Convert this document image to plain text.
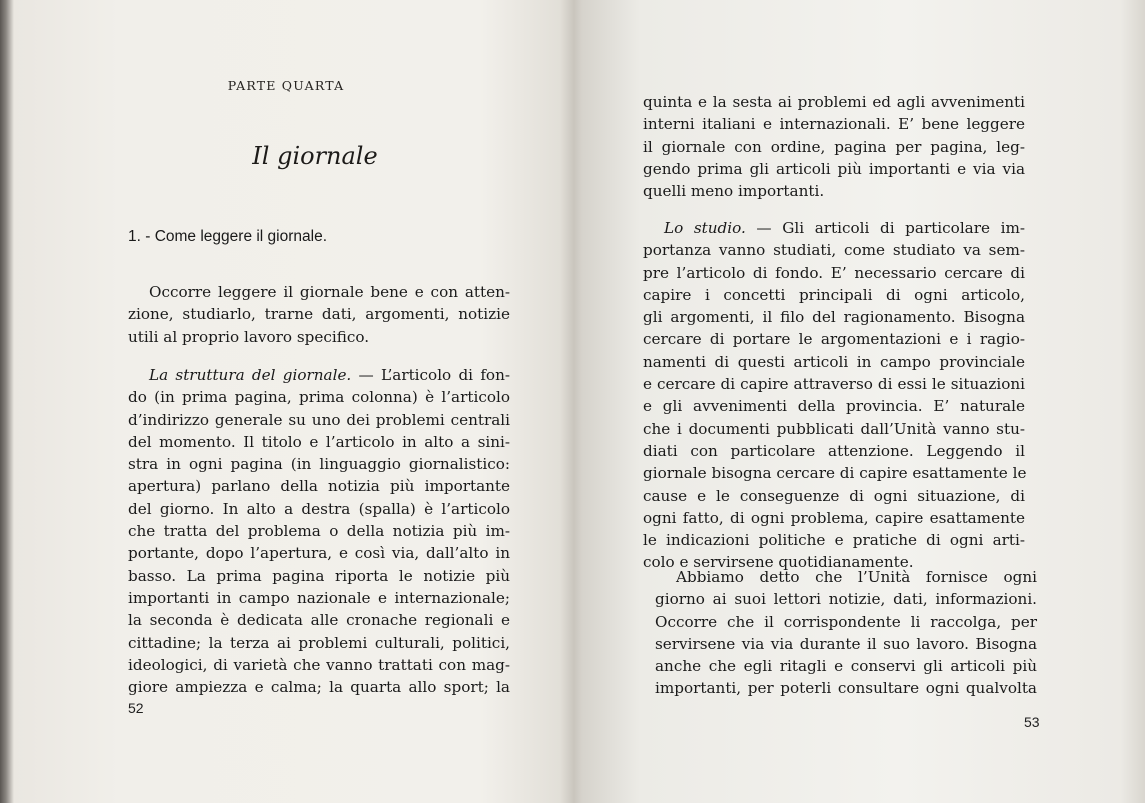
PARTE QUARTA
Il giornale
1. - Come leggere il giornale.
Occorre leggere il giornale bene e con atten-
zione, studiarlo, trarne dati, argomenti, notizie
utili al proprio lavoro specifico.
La struttura del giornale. — L’articolo di fon-
do (in prima pagina, prima colonna) è l’articolo
d’indirizzo generale su uno dei problemi centrali
del momento. Il titolo e l’articolo in alto a sini-
stra in ogni pagina (in linguaggio giornalistico:
apertura) parlano della notizia più importante
del giorno. In alto a destra (spalla) è l’articolo
che tratta del problema o della notizia più im-
portante, dopo l’apertura, e così via, dall’alto in
basso. La prima pagina riporta le notizie più
importanti in campo nazionale e internazionale;
la seconda è dedicata alle cronache regionali e
cittadine; la terza ai problemi culturali, politici,
ideologici, di varietà che vanno trattati con mag-
giore ampiezza e calma; la quarta allo sport; la
52
quinta e la sesta ai problemi ed agli avvenimenti
interni italiani e internazionali. E’ bene leggere
il giornale con ordine, pagina per pagina, leg-
gendo prima gli articoli più importanti e via via
quelli meno importanti.
Lo studio. — Gli articoli di particolare im-
portanza vanno studiati, come studiato va sem-
pre l’articolo di fondo. E’ necessario cercare di
capire i concetti principali di ogni articolo,
gli argomenti, il filo del ragionamento. Bisogna
cercare di portare le argomentazioni e i ragio-
namenti di questi articoli in campo provinciale
e cercare di capire attraverso di essi le situazioni
e gli avvenimenti della provincia. E’ naturale
che i documenti pubblicati dall’Unità vanno stu-
diati con particolare attenzione. Leggendo il
giornale bisogna cercare di capire esattamente le
cause e le conseguenze di ogni situazione, di
ogni fatto, di ogni problema, capire esattamente
le indicazioni politiche e pratiche di ogni arti-
colo e servirsene quotidianamente.
Abbiamo detto che l’Unità fornisce ogni
giorno ai suoi lettori notizie, dati, informazioni.
Occorre che il corrispondente li raccolga, per
servirsene via via durante il suo lavoro. Bisogna
anche che egli ritagli e conservi gli articoli più
importanti, per poterli consultare ogni qualvolta
53
